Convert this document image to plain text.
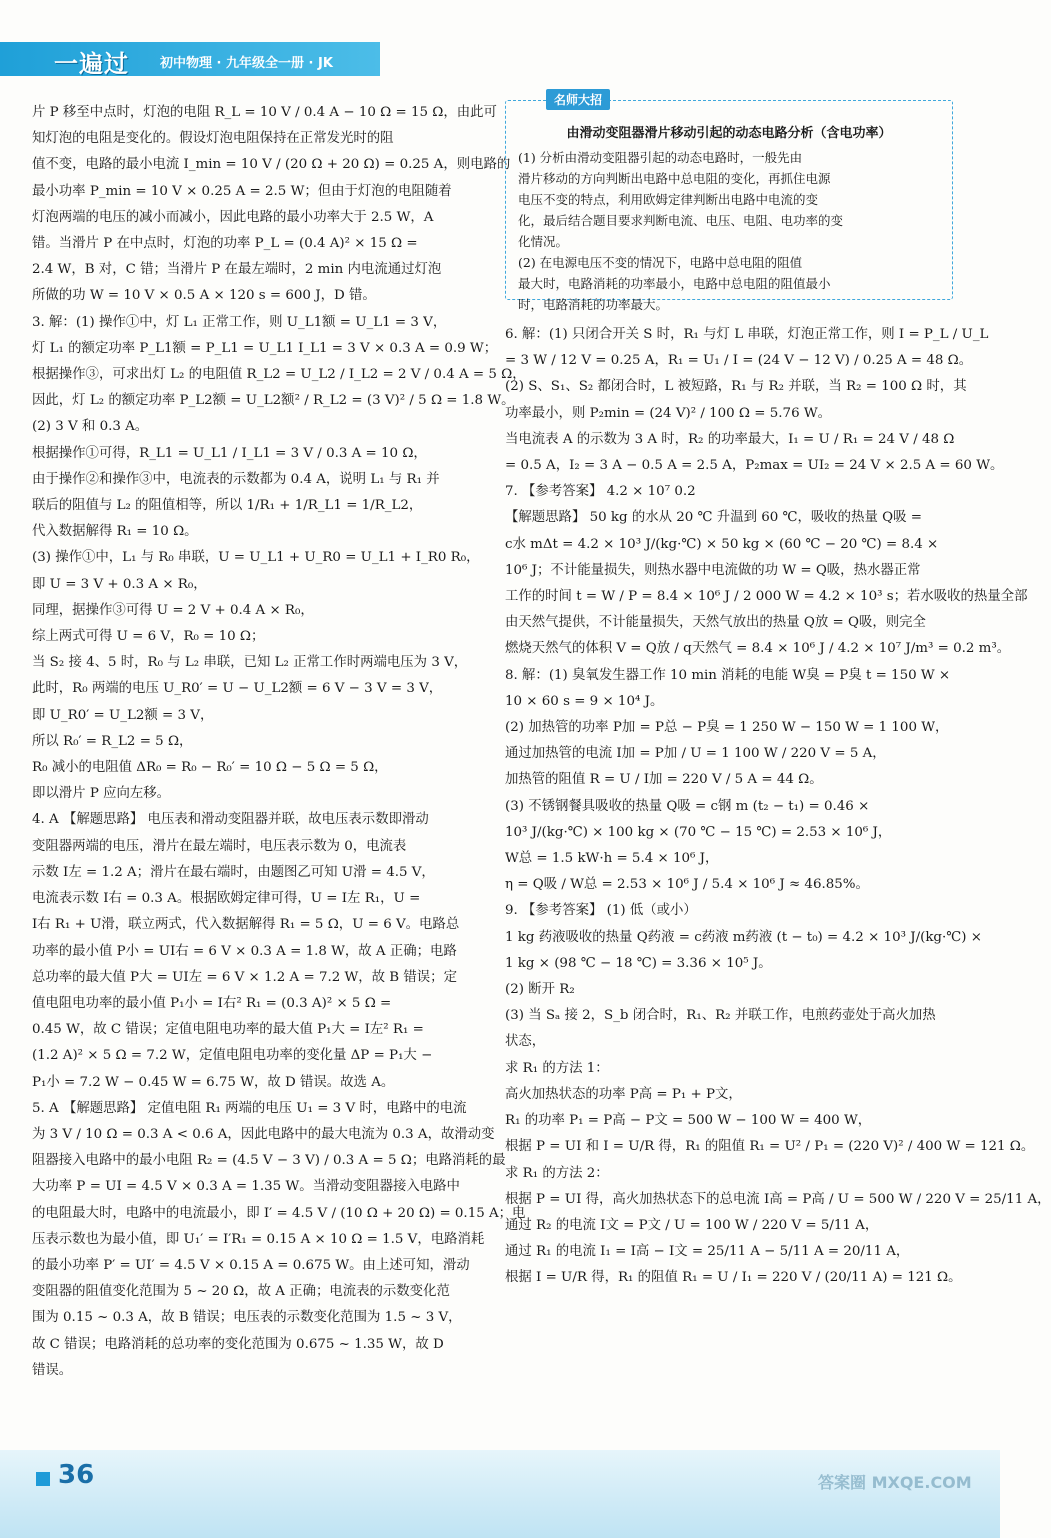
一遍过 初中物理 · 九年级全一册 · JK

片 P 移至中点时，灯泡的电阻 R_L = 10 V / 0.4 A − 10 Ω = 15 Ω，由此可

知灯泡的电阻是变化的。假设灯泡电阻保持在正常发光时的阻

值不变，电路的最小电流 I_min = 10 V / (20 Ω + 20 Ω) = 0.25 A，则电路的

最小功率 P_min = 10 V × 0.25 A = 2.5 W；但由于灯泡的电阻随着

灯泡两端的电压的减小而减小，因此电路的最小功率大于 2.5 W，A

错。当滑片 P 在中点时，灯泡的功率 P_L = (0.4 A)² × 15 Ω =

2.4 W，B 对，C 错；当滑片 P 在最左端时，2 min 内电流通过灯泡

所做的功 W = 10 V × 0.5 A × 120 s = 600 J，D 错。

3. 解：(1) 操作①中，灯 L₁ 正常工作，则 U_L1额 = U_L1 = 3 V，

灯 L₁ 的额定功率 P_L1额 = P_L1 = U_L1 I_L1 = 3 V × 0.3 A = 0.9 W；

根据操作③，可求出灯 L₂ 的电阻值 R_L2 = U_L2 / I_L2 = 2 V / 0.4 A = 5 Ω，

因此，灯 L₂ 的额定功率 P_L2额 = U_L2额² / R_L2 = (3 V)² / 5 Ω = 1.8 W。

(2) 3 V 和 0.3 A。

根据操作①可得，R_L1 = U_L1 / I_L1 = 3 V / 0.3 A = 10 Ω，

由于操作②和操作③中，电流表的示数都为 0.4 A，说明 L₁ 与 R₁ 并

联后的阻值与 L₂ 的阻值相等，所以 1/R₁ + 1/R_L1 = 1/R_L2，

代入数据解得 R₁ = 10 Ω。

(3) 操作①中，L₁ 与 R₀ 串联，U = U_L1 + U_R0 = U_L1 + I_R0 R₀，

即 U = 3 V + 0.3 A × R₀，

同理，据操作③可得 U = 2 V + 0.4 A × R₀，

综上两式可得 U = 6 V，R₀ = 10 Ω；

当 S₂ 接 4、5 时，R₀ 与 L₂ 串联，已知 L₂ 正常工作时两端电压为 3 V，

此时，R₀ 两端的电压 U_R0′ = U − U_L2额 = 6 V − 3 V = 3 V，

即 U_R0′ = U_L2额 = 3 V，

所以 R₀′ = R_L2 = 5 Ω，

R₀ 减小的电阻值 ΔR₀ = R₀ − R₀′ = 10 Ω − 5 Ω = 5 Ω，

即以滑片 P 应向左移。

4. A 【解题思路】 电压表和滑动变阻器并联，故电压表示数即滑动

变阻器两端的电压，滑片在最左端时，电压表示数为 0，电流表

示数 I左 = 1.2 A；滑片在最右端时，由题图乙可知 U滑 = 4.5 V，

电流表示数 I右 = 0.3 A。根据欧姆定律可得，U = I左 R₁，U =

I右 R₁ + U滑，联立两式，代入数据解得 R₁ = 5 Ω，U = 6 V。电路总

功率的最小值 P小 = UI右 = 6 V × 0.3 A = 1.8 W，故 A 正确；电路

总功率的最大值 P大 = UI左 = 6 V × 1.2 A = 7.2 W，故 B 错误；定

值电阻电功率的最小值 P₁小 = I右² R₁ = (0.3 A)² × 5 Ω =

0.45 W，故 C 错误；定值电阻电功率的最大值 P₁大 = I左² R₁ =

(1.2 A)² × 5 Ω = 7.2 W，定值电阻电功率的变化量 ΔP = P₁大 −

P₁小 = 7.2 W − 0.45 W = 6.75 W，故 D 错误。故选 A。

5. A 【解题思路】 定值电阻 R₁ 两端的电压 U₁ = 3 V 时，电路中的电流

为 3 V / 10 Ω = 0.3 A < 0.6 A，因此电路中的最大电流为 0.3 A，故滑动变

阻器接入电路中的最小电阻 R₂ = (4.5 V − 3 V) / 0.3 A = 5 Ω；电路消耗的最

大功率 P = UI = 4.5 V × 0.3 A = 1.35 W。当滑动变阻器接入电路中

的电阻最大时，电路中的电流最小，即 I′ = 4.5 V / (10 Ω + 20 Ω) = 0.15 A；电

压表示数也为最小值，即 U₁′ = I′R₁ = 0.15 A × 10 Ω = 1.5 V，电路消耗

的最小功率 P′ = UI′ = 4.5 V × 0.15 A = 0.675 W。由上述可知，滑动

变阻器的阻值变化范围为 5 ~ 20 Ω，故 A 正确；电流表的示数变化范

围为 0.15 ~ 0.3 A，故 B 错误；电压表的示数变化范围为 1.5 ~ 3 V，

故 C 错误；电路消耗的总功率的变化范围为 0.675 ~ 1.35 W，故 D

错误。

名师大招
由滑动变阻器滑片移动引起的动态电路分析（含电功率）

(1) 分析由滑动变阻器引起的动态电路时，一般先由

滑片移动的方向判断出电路中总电阻的变化，再抓住电源

电压不变的特点，利用欧姆定律判断出电路中电流的变

化，最后结合题目要求判断电流、电压、电阻、电功率的变

化情况。

(2) 在电源电压不变的情况下，电路中总电阻的阻值

最大时，电路消耗的功率最小，电路中总电阻的阻值最小

时，电路消耗的功率最大。

6. 解：(1) 只闭合开关 S 时，R₁ 与灯 L 串联，灯泡正常工作，则 I = P_L / U_L

= 3 W / 12 V = 0.25 A，R₁ = U₁ / I = (24 V − 12 V) / 0.25 A = 48 Ω。

(2) S、S₁、S₂ 都闭合时，L 被短路，R₁ 与 R₂ 并联，当 R₂ = 100 Ω 时，其

功率最小，则 P₂min = (24 V)² / 100 Ω = 5.76 W。

当电流表 A 的示数为 3 A 时，R₂ 的功率最大，I₁ = U / R₁ = 24 V / 48 Ω

= 0.5 A，I₂ = 3 A − 0.5 A = 2.5 A，P₂max = UI₂ = 24 V × 2.5 A = 60 W。

7. 【参考答案】 4.2 × 10⁷ 0.2

【解题思路】 50 kg 的水从 20 ℃ 升温到 60 ℃，吸收的热量 Q吸 =

c水 mΔt = 4.2 × 10³ J/(kg·℃) × 50 kg × (60 ℃ − 20 ℃) = 8.4 ×

10⁶ J；不计能量损失，则热水器中电流做的功 W = Q吸，热水器正常

工作的时间 t = W / P = 8.4 × 10⁶ J / 2 000 W = 4.2 × 10³ s；若水吸收的热量全部

由天然气提供，不计能量损失，天然气放出的热量 Q放 = Q吸，则完全

燃烧天然气的体积 V = Q放 / q天然气 = 8.4 × 10⁶ J / 4.2 × 10⁷ J/m³ = 0.2 m³。

8. 解：(1) 臭氧发生器工作 10 min 消耗的电能 W臭 = P臭 t = 150 W ×

10 × 60 s = 9 × 10⁴ J。

(2) 加热管的功率 P加 = P总 − P臭 = 1 250 W − 150 W = 1 100 W，

通过加热管的电流 I加 = P加 / U = 1 100 W / 220 V = 5 A，

加热管的阻值 R = U / I加 = 220 V / 5 A = 44 Ω。

(3) 不锈钢餐具吸收的热量 Q吸 = c钢 m (t₂ − t₁) = 0.46 ×

10³ J/(kg·℃) × 100 kg × (70 ℃ − 15 ℃) = 2.53 × 10⁶ J，

W总 = 1.5 kW·h = 5.4 × 10⁶ J，

η = Q吸 / W总 = 2.53 × 10⁶ J / 5.4 × 10⁶ J ≈ 46.85%。

9. 【参考答案】 (1) 低（或小）

1 kg 药液吸收的热量 Q药液 = c药液 m药液 (t − t₀) = 4.2 × 10³ J/(kg·℃) ×

1 kg × (98 ℃ − 18 ℃) = 3.36 × 10⁵ J。

(2) 断开 R₂

(3) 当 Sₐ 接 2，S_b 闭合时，R₁、R₂ 并联工作，电煎药壶处于高火加热

状态，

求 R₁ 的方法 1：

高火加热状态的功率 P高 = P₁ + P文，

R₁ 的功率 P₁ = P高 − P文 = 500 W − 100 W = 400 W，

根据 P = UI 和 I = U/R 得，R₁ 的阻值 R₁ = U² / P₁ = (220 V)² / 400 W = 121 Ω。

求 R₁ 的方法 2：

根据 P = UI 得，高火加热状态下的总电流 I高 = P高 / U = 500 W / 220 V = 25/11 A，

通过 R₂ 的电流 I文 = P文 / U = 100 W / 220 V = 5/11 A，

通过 R₁ 的电流 I₁ = I高 − I文 = 25/11 A − 5/11 A = 20/11 A，

根据 I = U/R 得，R₁ 的阻值 R₁ = U / I₁ = 220 V / (20/11 A) = 121 Ω。

36	答案圈 MXQE.COM
